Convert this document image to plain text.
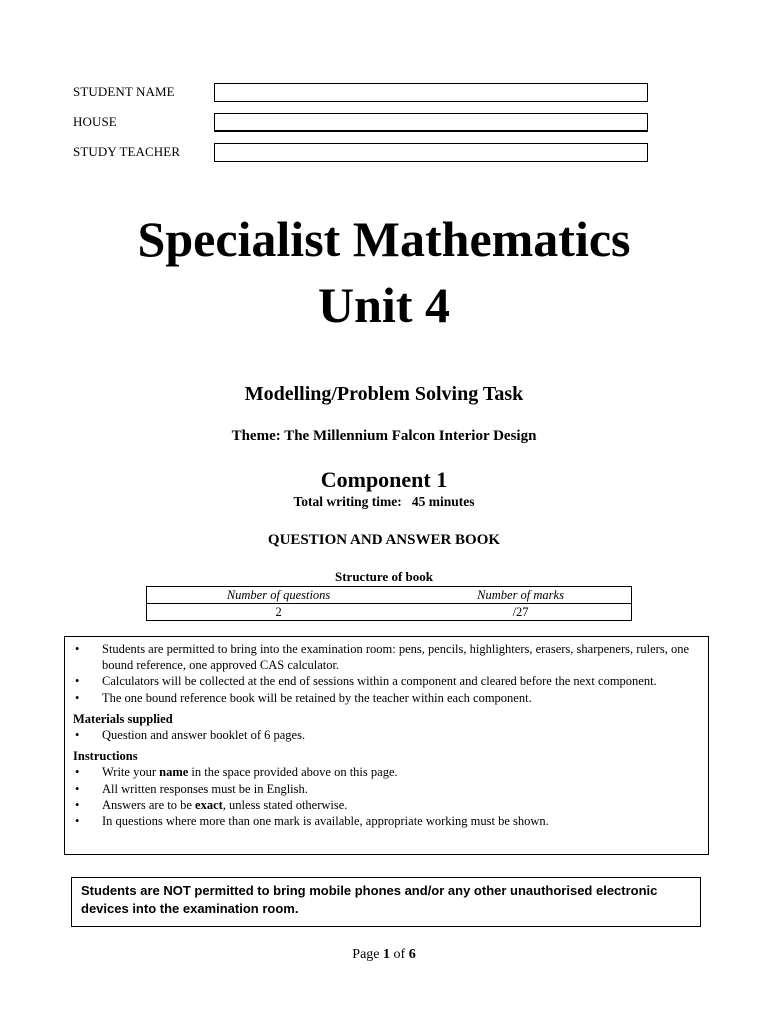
STUDENT NAME
HOUSE
STUDY TEACHER
Specialist Mathematics
Unit 4
Modelling/Problem Solving Task
Theme: The Millennium Falcon Interior Design
Component 1
Total writing time:   45 minutes
QUESTION AND ANSWER BOOK
Structure of book
Number of questions	Number of marks
2	/27
• Students are permitted to bring into the examination room: pens, pencils, highlighters, erasers, sharpeners, rulers, one bound reference, one approved CAS calculator.
• Calculators will be collected at the end of sessions within a component and cleared before the next component.
• The one bound reference book will be retained by the teacher within each component.
Materials supplied
• Question and answer booklet of 6 pages.
Instructions
• Write your name in the space provided above on this page.
• All written responses must be in English.
• Answers are to be exact, unless stated otherwise.
• In questions where more than one mark is available, appropriate working must be shown.
Students are NOT permitted to bring mobile phones and/or any other unauthorised electronic devices into the examination room.
Page 1 of 6
